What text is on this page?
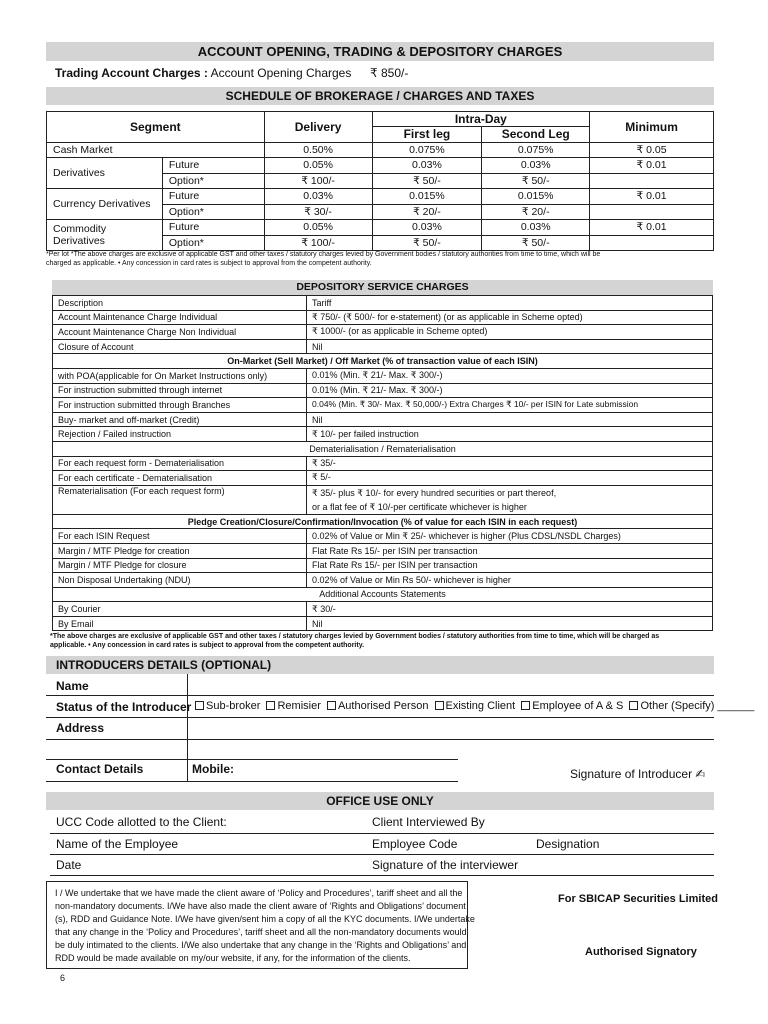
ACCOUNT OPENING, TRADING & DEPOSITORY CHARGES
Trading Account Charges : Account Opening Charges ₹ 850/-
SCHEDULE OF BROKERAGE / CHARGES AND TAXES
Segment		Delivery	Intra-Day		Minimum
			First leg	Second Leg	
Cash Market		0.50%	0.075%	0.075%	₹ 0.05
Derivatives	Future	0.05%	0.03%	0.03%	₹ 0.01
	Option*	₹ 100/-	₹ 50/-	₹ 50/-	
Currency Derivatives	Future	0.03%	0.015%	0.015%	₹ 0.01
	Option*	₹ 30/-	₹ 20/-	₹ 20/-	
Commodity Derivatives	Future	0.05%	0.03%	0.03%	₹ 0.01
	Option*	₹ 100/-	₹ 50/-	₹ 50/-	
*Per lot *The above charges are exclusive of applicable GST and other taxes / statutory charges levied by Government bodies / statutory authorities from time to time, which will be
charged as applicable. • Any concession in card rates is subject to approval from the competent authority.
DEPOSITORY SERVICE CHARGES
Description	Tariff
Account Maintenance Charge Individual	₹ 750/- (₹ 500/- for e-statement) (or as applicable in Scheme opted)
Account Maintenance Charge Non Individual	₹ 1000/- (or as applicable in Scheme opted)
Closure of Account	Nil
On-Market (Sell Market) / Off Market (% of transaction value of each ISIN)	
with POA(applicable for On Market Instructions only)	0.01% (Min. ₹ 21/- Max. ₹ 300/-)
For instruction submitted through internet	0.01% (Min. ₹ 21/- Max. ₹ 300/-)
For instruction submitted through Branches	0.04% (Min. ₹ 30/- Max. ₹ 50,000/-) Extra Charges ₹ 10/- per ISIN for Late submission
Buy- market and off-market (Credit)	Nil
Rejection / Failed instruction	₹ 10/- per failed instruction
Dematerialisation / Rematerialisation	
For each request form - Dematerialisation	₹ 35/-
For each certificate - Dematerialisation	₹ 5/-
Rematerialisation (For each request form)	₹ 35/- plus ₹ 10/- for every hundred securities or part thereof,
or a flat fee of ₹ 10/-per certificate whichever is higher

Pledge Creation/Closure/Confirmation/Invocation (% of value for each ISIN in each request)	
For each ISIN Request	0.02% of Value or Min ₹ 25/- whichever is higher (Plus CDSL/NSDL Charges)
Margin / MTF Pledge for creation	Flat Rate Rs 15/- per ISIN per transaction
Margin / MTF Pledge for closure	Flat Rate Rs 15/- per ISIN per transaction
Non Disposal Undertaking (NDU)	0.02% of Value or Min Rs 50/- whichever is higher
Additional Accounts Statements	
By Courier	₹ 30/-
By Email	Nil
*The above charges are exclusive of applicable GST and other taxes / statutory charges levied by Government bodies / statutory authorities from time to time, which will be charged as
applicable. • Any concession in card rates is subject to approval from the competent authority.
INTRODUCERS DETAILS (OPTIONAL)
Name
Status of the Introducer	Sub-broker Remisier Authorised Person Existing Client Employee of A & S Other (Specify) ______
Address
Contact Details	Mobile:	Signature of Introducer ✍
OFFICE USE ONLY
UCC Code allotted to the Client:	Client Interviewed By	
Name of the Employee	Employee Code	Designation
Date	Signature of the interviewer	
I / We undertake that we have made the client aware of ‘Policy and Procedures’, tariff sheet and all the
non-mandatory documents. I/We have also made the client aware of ‘Rights and Obligations’ document
(s), RDD and Guidance Note. I/We have given/sent him a copy of all the KYC documents. I/We undertake
that any change in the ‘Policy and Procedures’, tariff sheet and all the non-mandatory documents would
be duly intimated to the clients. I/We also undertake that any change in the ‘Rights and Obligations’ and
RDD would be made available on my/our website, if any, for the information of the clients.
For SBICAP Securities Limited
Authorised Signatory
6
